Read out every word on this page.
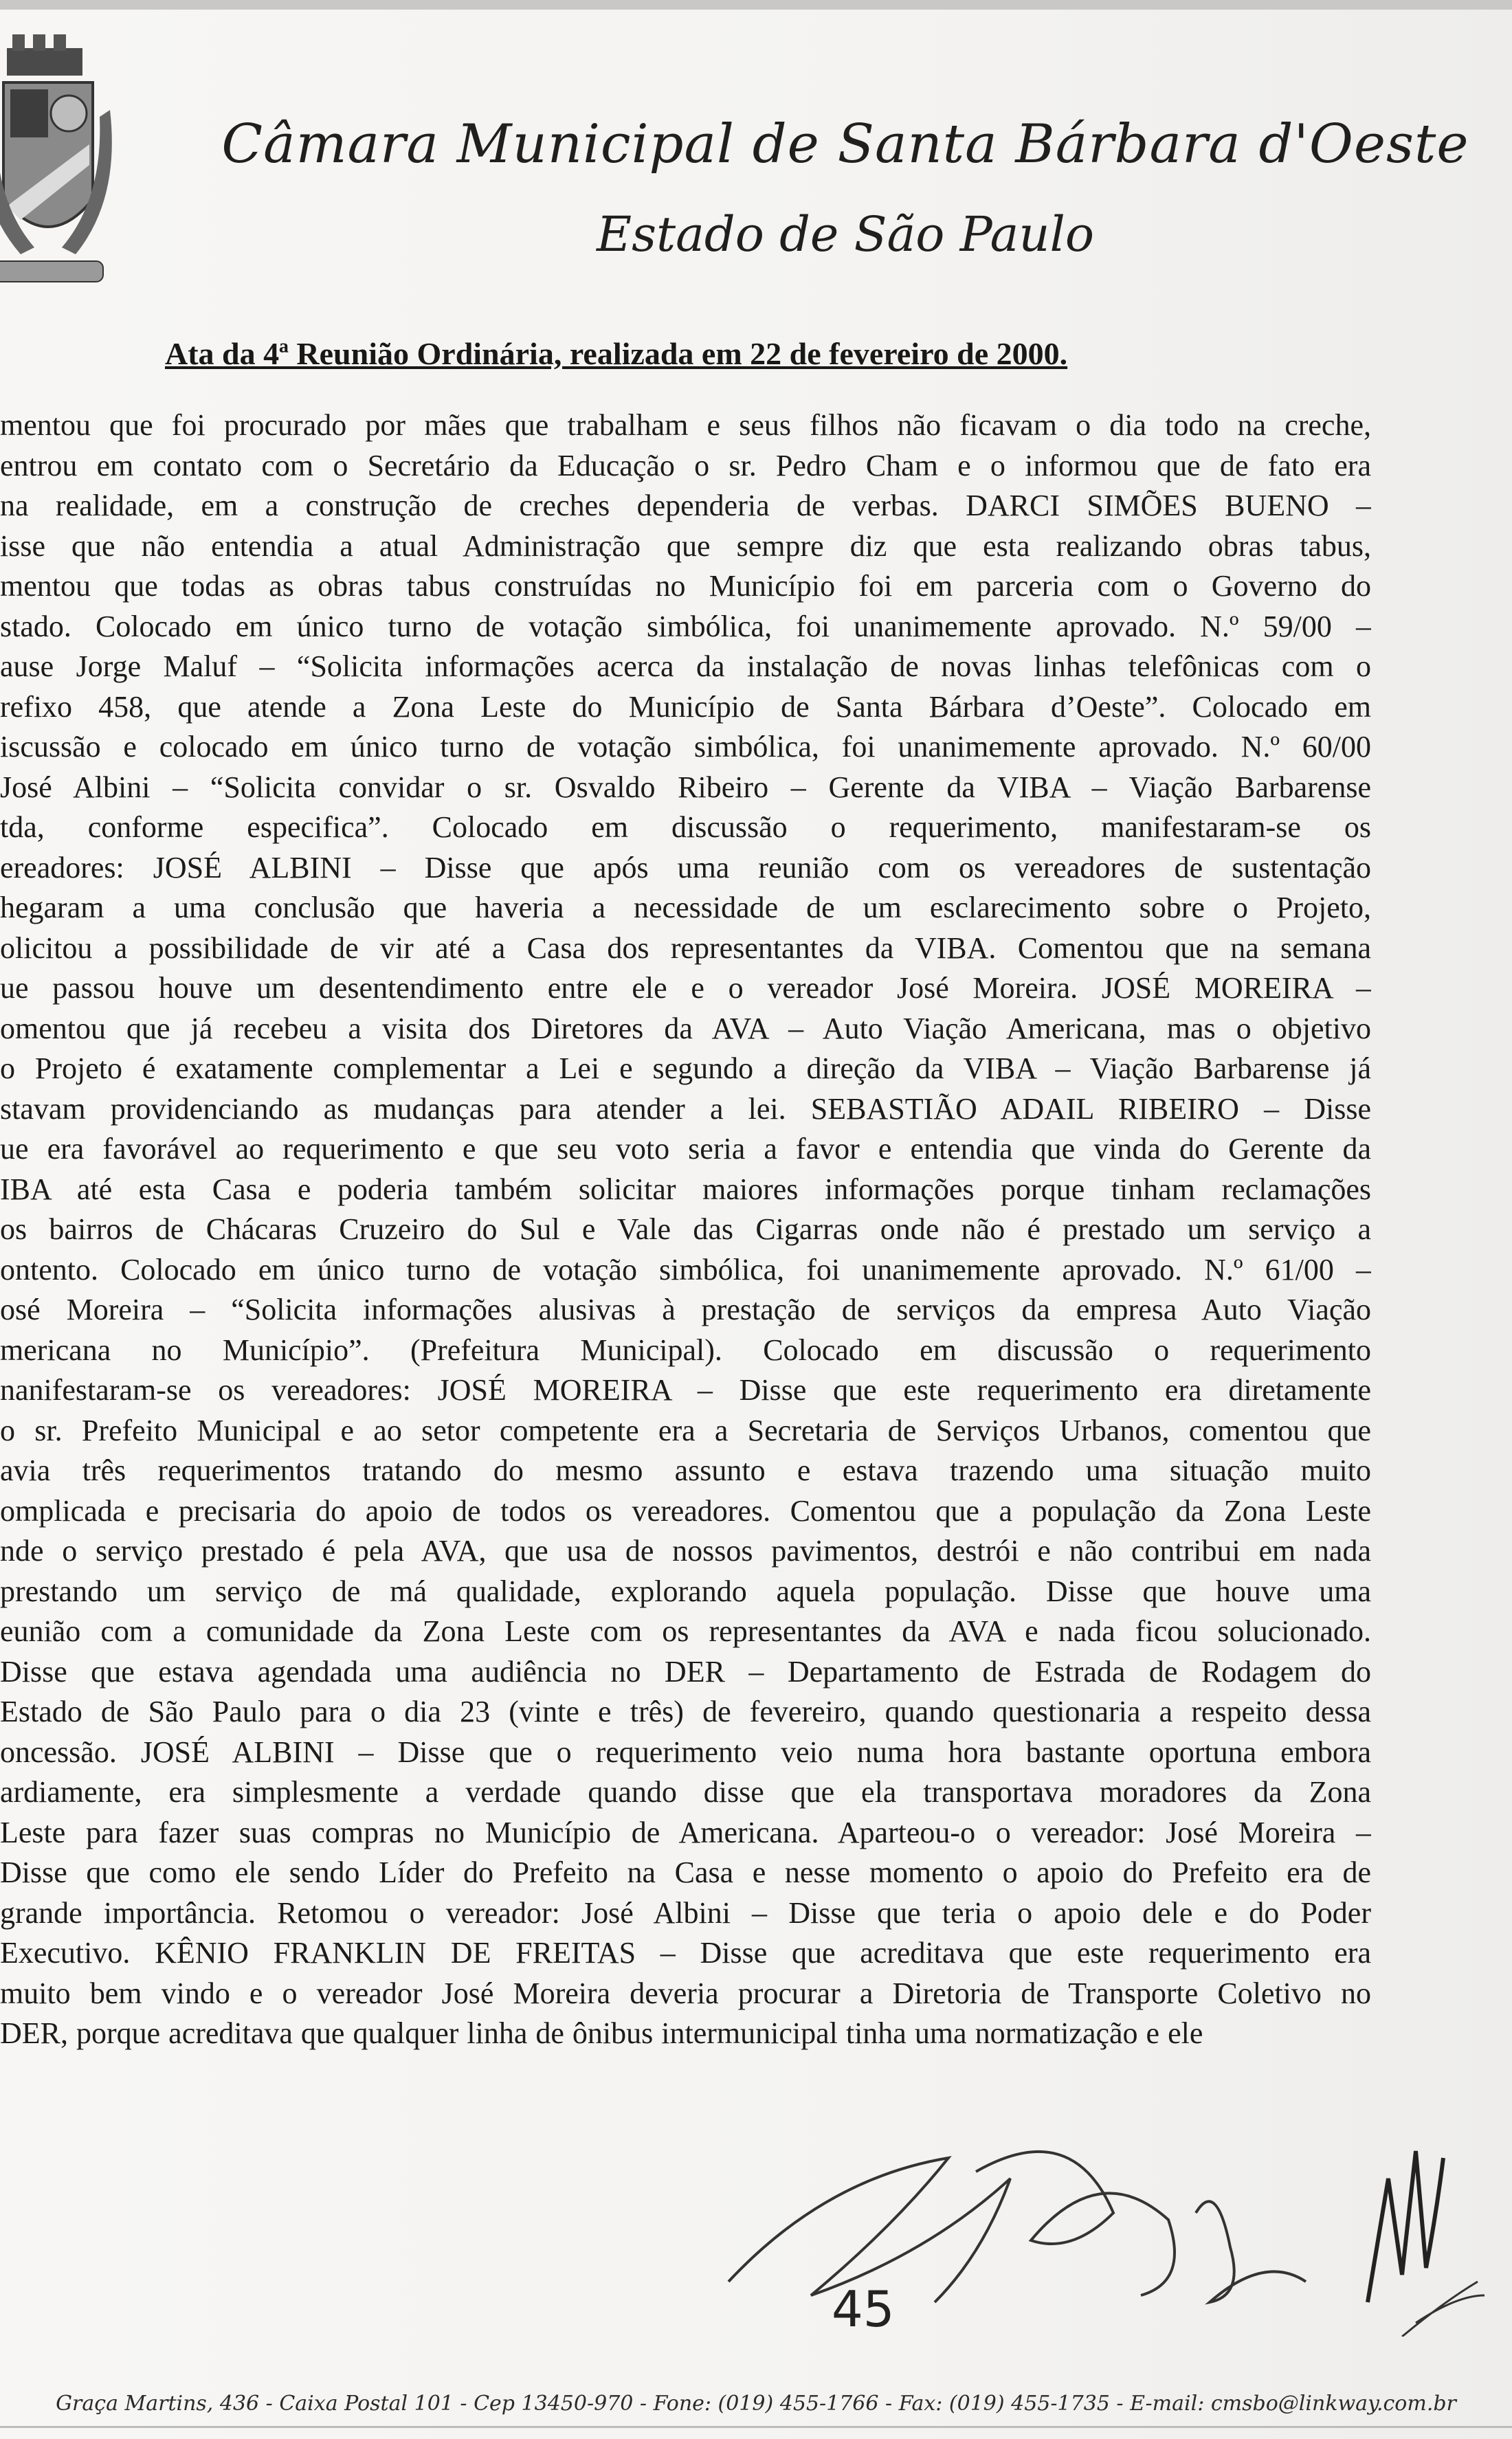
Câmara Municipal de Santa Bárbara d'Oeste
Estado de São Paulo
Ata da 4ª Reunião Ordinária, realizada em 22 de fevereiro de 2000.
mentou que foi procurado por mães que trabalham e seus filhos não ficavam o dia todo na creche,
entrou em contato com o Secretário da Educação o sr. Pedro Cham e o informou que de fato era
na realidade, em a construção de creches dependeria de verbas. DARCI SIMÕES BUENO –
isse que não entendia a atual Administração que sempre diz que esta realizando obras tabus,
mentou que todas as obras tabus construídas no Município foi em parceria com o Governo do
stado. Colocado em único turno de votação simbólica, foi unanimemente aprovado. N.º 59/00 –
ause Jorge Maluf – “Solicita informações acerca da instalação de novas linhas telefônicas com o
refixo 458, que atende a Zona Leste do Município de Santa Bárbara d’Oeste”. Colocado em
iscussão e colocado em único turno de votação simbólica, foi unanimemente aprovado. N.º 60/00
José Albini – “Solicita convidar o sr. Osvaldo Ribeiro – Gerente da VIBA – Viação Barbarense
tda, conforme especifica”. Colocado em discussão o requerimento, manifestaram-se os
ereadores: JOSÉ ALBINI – Disse que após uma reunião com os vereadores de sustentação
hegaram a uma conclusão que haveria a necessidade de um esclarecimento sobre o Projeto,
olicitou a possibilidade de vir até a Casa dos representantes da VIBA. Comentou que na semana
ue passou houve um desentendimento entre ele e o vereador José Moreira. JOSÉ MOREIRA –
omentou que já recebeu a visita dos Diretores da AVA – Auto Viação Americana, mas o objetivo
o Projeto é exatamente complementar a Lei e segundo a direção da VIBA – Viação Barbarense já
stavam providenciando as mudanças para atender a lei. SEBASTIÃO ADAIL RIBEIRO – Disse
ue era favorável ao requerimento e que seu voto seria a favor e entendia que vinda do Gerente da
IBA até esta Casa e poderia também solicitar maiores informações porque tinham reclamações
os bairros de Chácaras Cruzeiro do Sul e Vale das Cigarras onde não é prestado um serviço a
ontento. Colocado em único turno de votação simbólica, foi unanimemente aprovado. N.º 61/00 –
osé Moreira – “Solicita informações alusivas à prestação de serviços da empresa Auto Viação
mericana no Município”. (Prefeitura Municipal). Colocado em discussão o requerimento
nanifestaram-se os vereadores: JOSÉ MOREIRA – Disse que este requerimento era diretamente
o sr. Prefeito Municipal e ao setor competente era a Secretaria de Serviços Urbanos, comentou que
avia três requerimentos tratando do mesmo assunto e estava trazendo uma situação muito
omplicada e precisaria do apoio de todos os vereadores. Comentou que a população da Zona Leste
nde o serviço prestado é pela AVA, que usa de nossos pavimentos, destrói e não contribui em nada
prestando um serviço de má qualidade, explorando aquela população. Disse que houve uma
eunião com a comunidade da Zona Leste com os representantes da AVA e nada ficou solucionado.
Disse que estava agendada uma audiência no DER – Departamento de Estrada de Rodagem do
Estado de São Paulo para o dia 23 (vinte e três) de fevereiro, quando questionaria a respeito dessa
oncessão. JOSÉ ALBINI – Disse que o requerimento veio numa hora bastante oportuna embora
ardiamente, era simplesmente a verdade quando disse que ela transportava moradores da Zona
Leste para fazer suas compras no Município de Americana. Aparteou-o o vereador: José Moreira –
Disse que como ele sendo Líder do Prefeito na Casa e nesse momento o apoio do Prefeito era de
grande importância. Retomou o vereador: José Albini – Disse que teria o apoio dele e do Poder
Executivo. KÊNIO FRANKLIN DE FREITAS – Disse que acreditava que este requerimento era
muito bem vindo e o vereador José Moreira deveria procurar a Diretoria de Transporte Coletivo no
DER, porque acreditava que qualquer linha de ônibus intermunicipal tinha uma normatização e ele
45
Graça Martins, 436 - Caixa Postal 101 - Cep 13450-970 - Fone: (019) 455-1766 - Fax: (019) 455-1735 - E-mail: cmsbo@linkway.com.br
